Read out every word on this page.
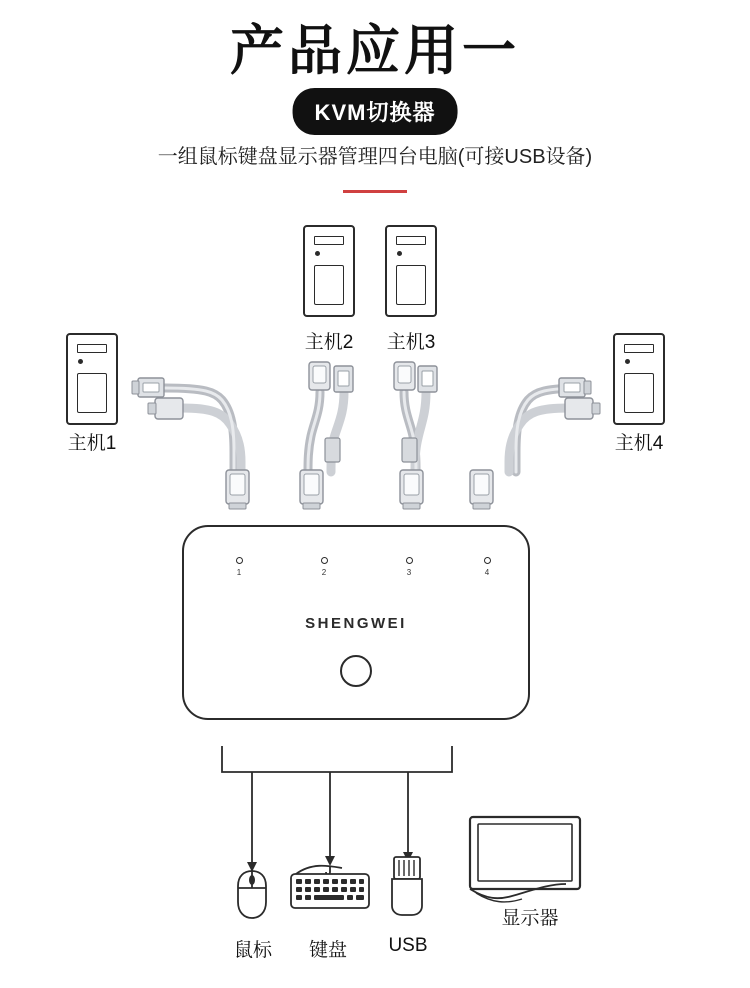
产品应用一
KVM切换器
一组鼠标键盘显示器管理四台电脑(可接USB设备)
主机1
主机2	主机3
主机4
SHENGWEI
1	2	3	4
鼠标	键盘	USB
显示器
